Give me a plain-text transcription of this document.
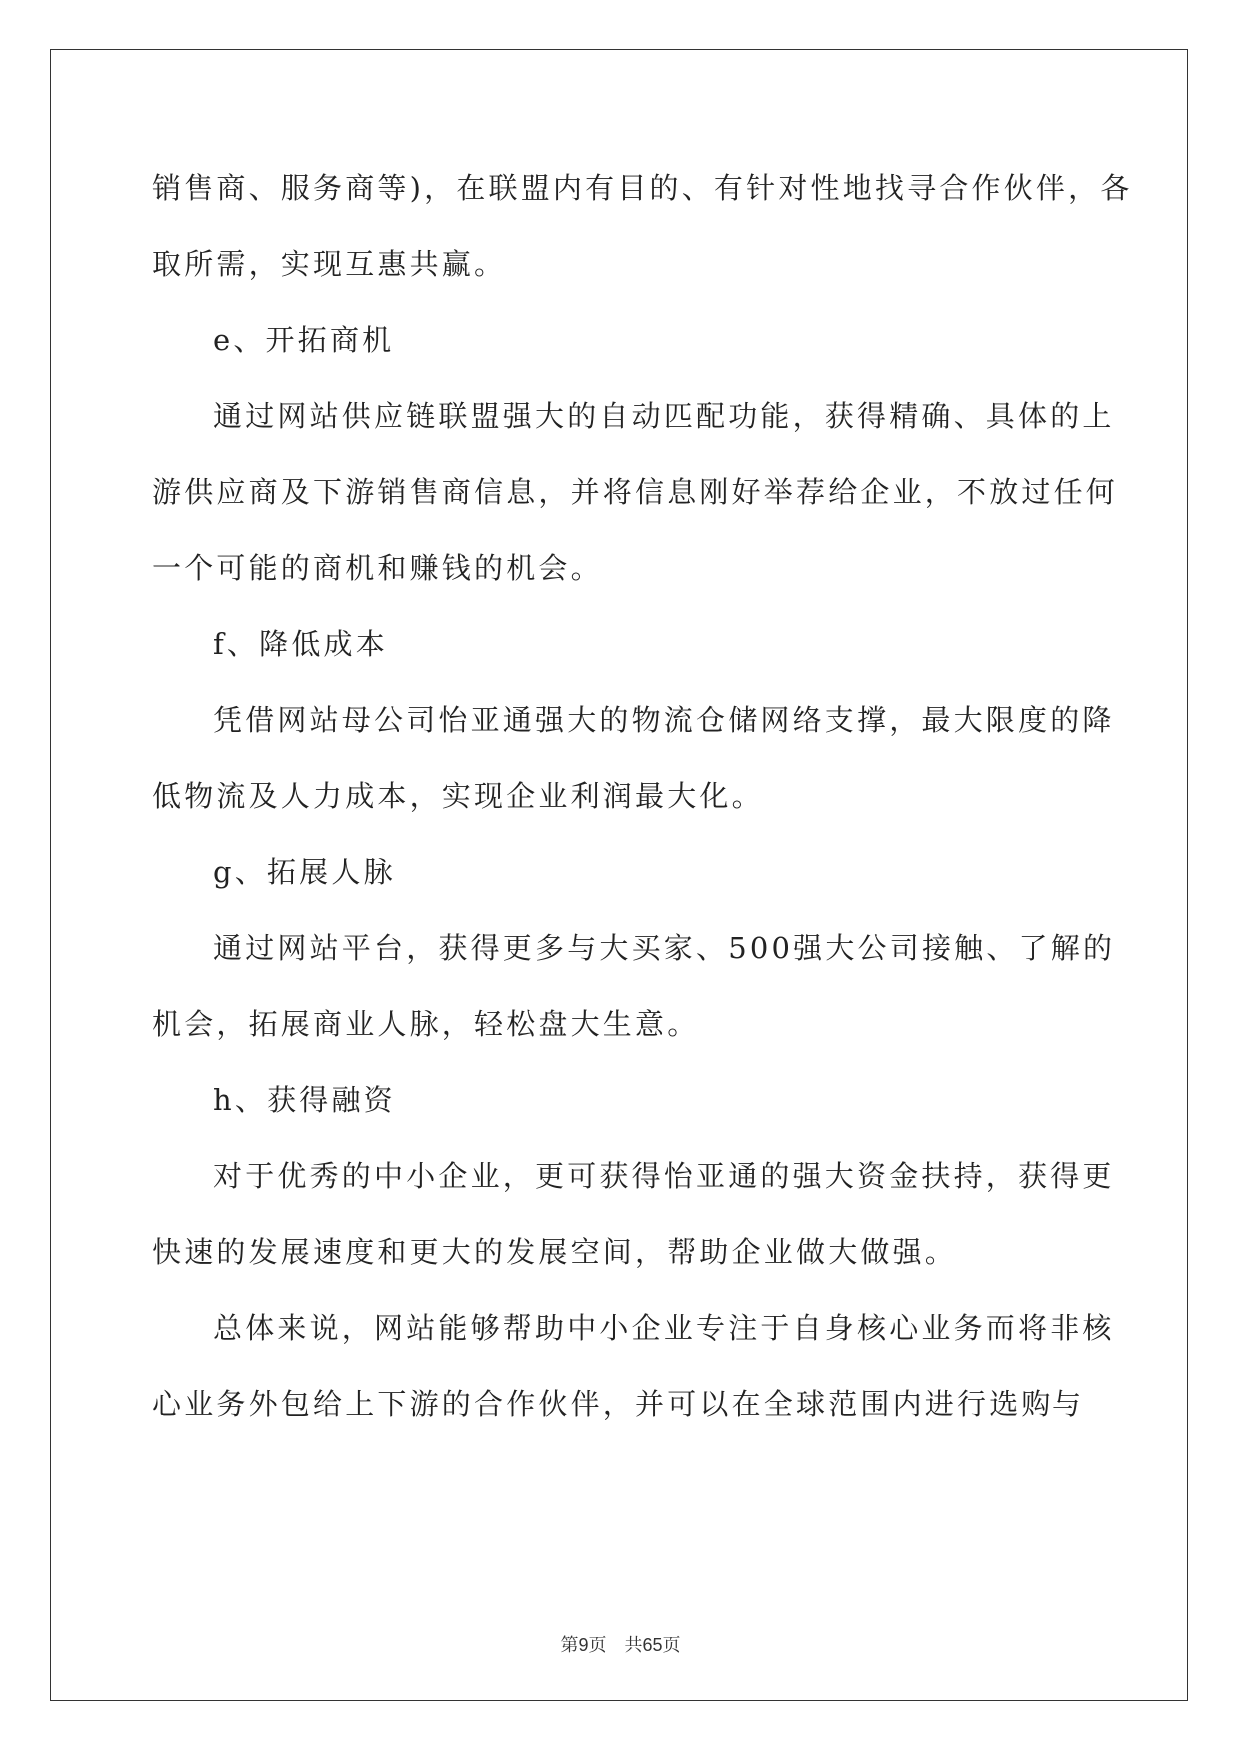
销售商、服务商等)，在联盟内有目的、有针对性地找寻合作伙伴，各
取所需，实现互惠共赢。
e、开拓商机
通过网站供应链联盟强大的自动匹配功能，获得精确、具体的上
游供应商及下游销售商信息，并将信息刚好举荐给企业，不放过任何
一个可能的商机和赚钱的机会。
f、降低成本
凭借网站母公司怡亚通强大的物流仓储网络支撑，最大限度的降
低物流及人力成本，实现企业利润最大化。
g、拓展人脉
通过网站平台，获得更多与大买家、500强大公司接触、了解的
机会，拓展商业人脉，轻松盘大生意。
h、获得融资
对于优秀的中小企业，更可获得怡亚通的强大资金扶持，获得更
快速的发展速度和更大的发展空间，帮助企业做大做强。
总体来说，网站能够帮助中小企业专注于自身核心业务而将非核
心业务外包给上下游的合作伙伴，并可以在全球范围内进行选购
与
第9页 共65页
